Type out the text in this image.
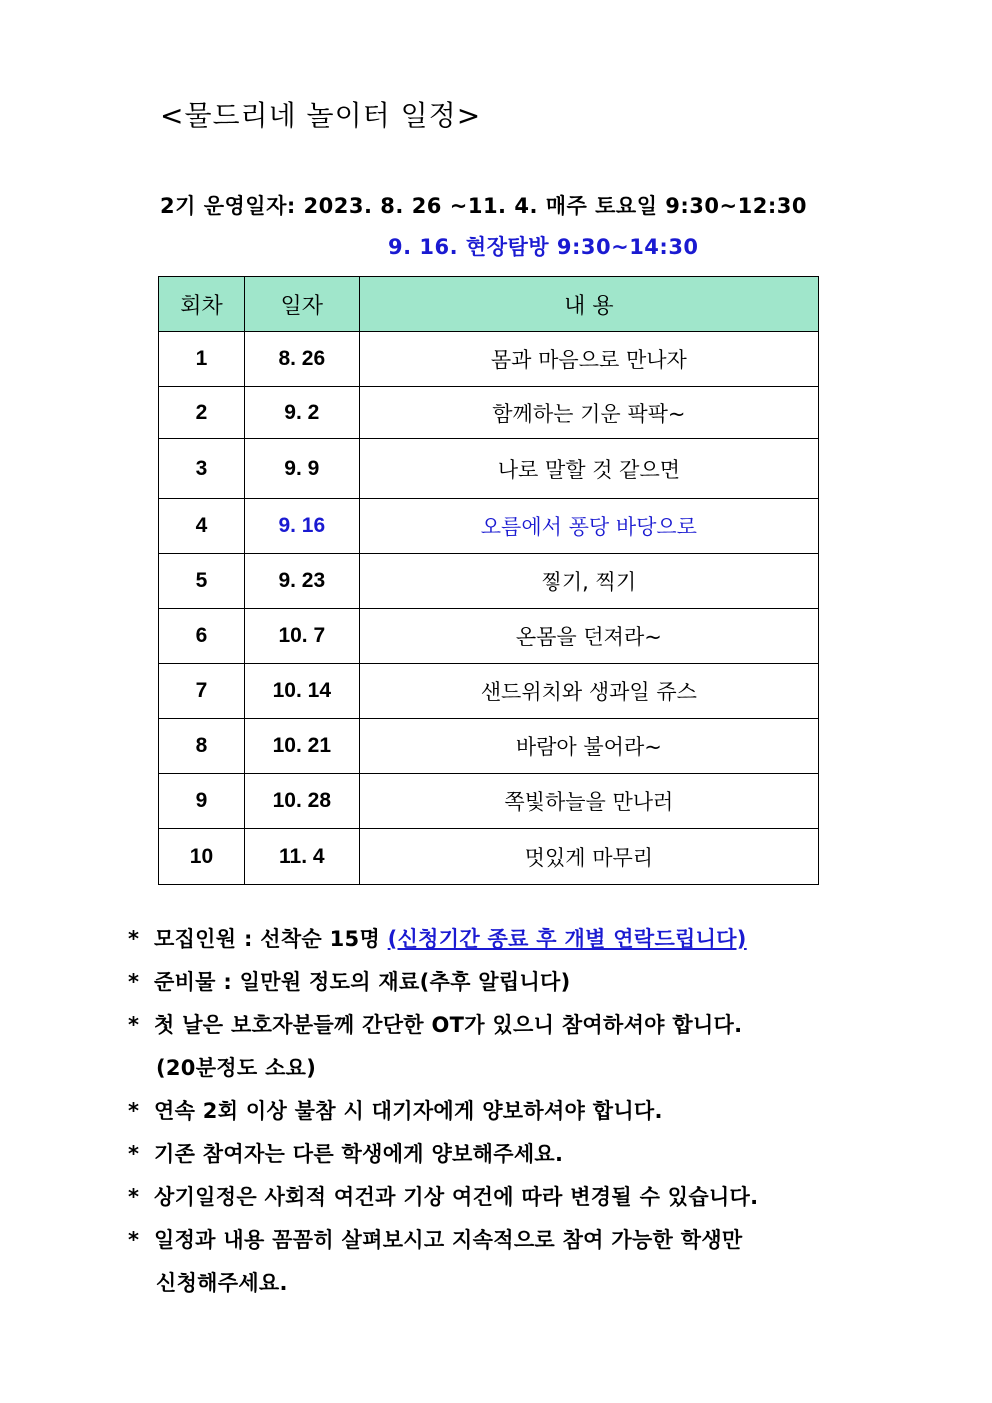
<물드리네 놀이터 일정>
2기 운영일자: 2023. 8. 26 ~11. 4. 매주 토요일 9:30~12:30
9. 16. 현장탐방 9:30~14:30
회차	일자	내 용
1	8. 26	몸과 마음으로 만나자
2	9. 2	함께하는 기운 팍팍~
3	9. 9	나로 말할 것 같으면
4	9. 16	오름에서 퐁당 바당으로
5	9. 23	찧기, 찍기
6	10. 7	온몸을 던져라~
7	10. 14	샌드위치와 생과일 쥬스
8	10. 21	바람아 불어라~
9	10. 28	쪽빛하늘을 만나러
10	11. 4	멋있게 마무리
* 모집인원 : 선착순 15명 (신청기간 종료 후 개별 연락드립니다)
* 준비물 : 일만원 정도의 재료(추후 알립니다)
* 첫 날은 보호자분들께 간단한 OT가 있으니 참여하셔야 합니다.
(20분정도 소요)
* 연속 2회 이상 불참 시 대기자에게 양보하셔야 합니다.
* 기존 참여자는 다른 학생에게 양보해주세요.
* 상기일정은 사회적 여건과 기상 여건에 따라 변경될 수 있습니다.
* 일정과 내용 꼼꼼히 살펴보시고 지속적으로 참여 가능한 학생만
신청해주세요.
